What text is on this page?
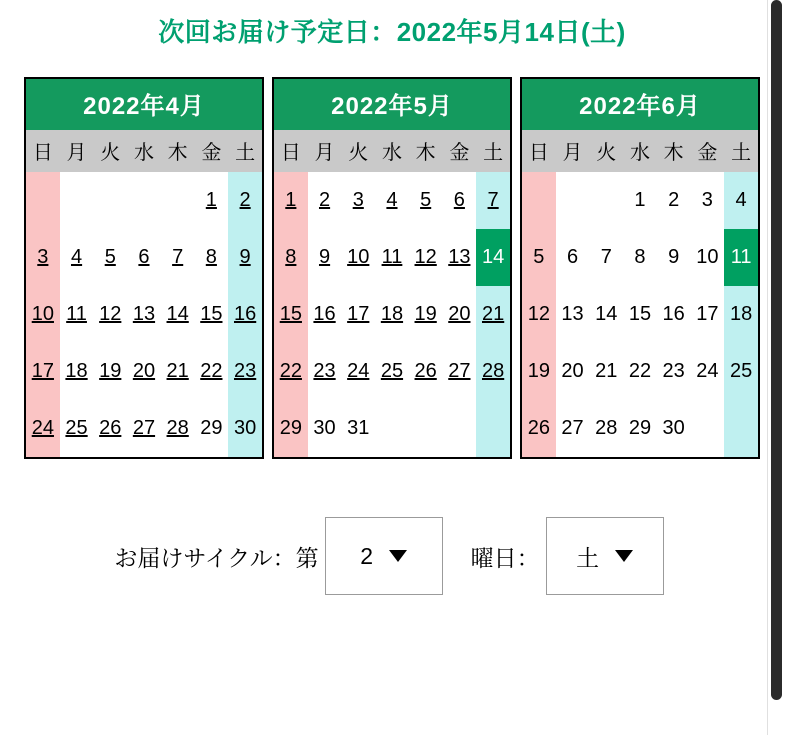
次回お届け予定日：2022年5月14日(土)
2022年4月
日	月	火	水	木	金	土
					1	2
3	4	5	6	7	8	9
10	11	12	13	14	15	16
17	18	19	20	21	22	23
24	25	26	27	28	29	30
2022年5月
日	月	火	水	木	金	土
1	2	3	4	5	6	7
8	9	10	11	12	13	14
15	16	17	18	19	20	21
22	23	24	25	26	27	28
29	30	31				
2022年6月
日	月	火	水	木	金	土
			1	2	3	4
5	6	7	8	9	10	11
12	13	14	15	16	17	18
19	20	21	22	23	24	25
26	27	28	29	30		
お届けサイクル：第 2	曜日： 土
